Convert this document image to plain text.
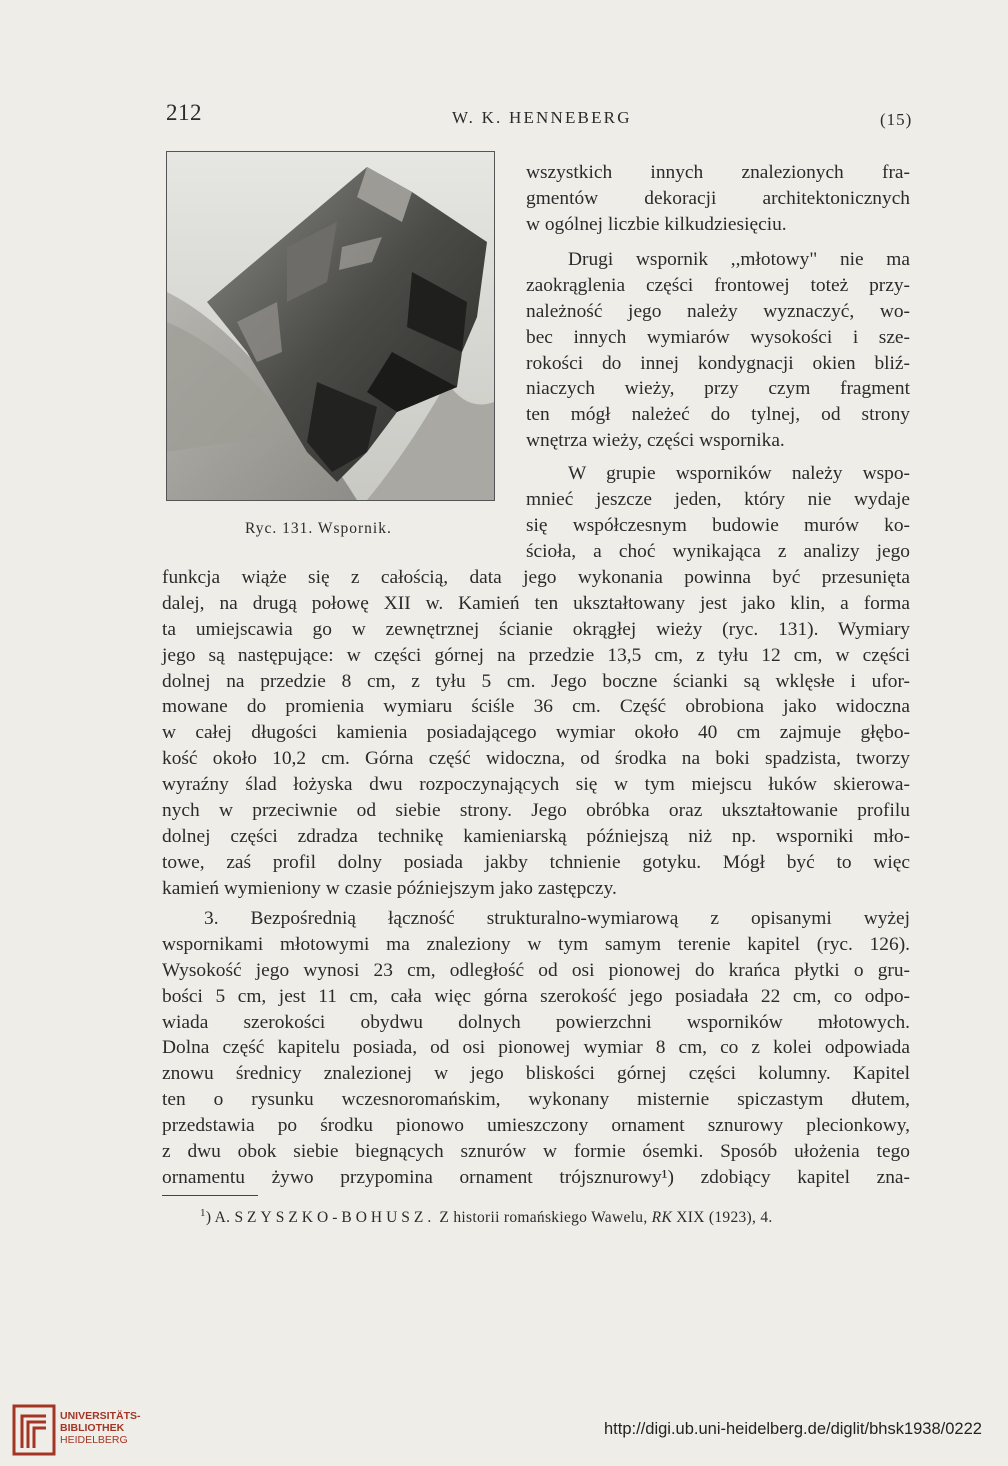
212	W. K. HENNEBERG	(15)
Ryc. 131. Wspornik.
wszystkich innych znalezionych fra-
gmentów dekoracji architektonicznych
w ogólnej liczbie kilkudziesięciu.
Drugi wspornik ,,młotowy" nie ma
zaokrąglenia części frontowej toteż przy-
należność jego należy wyznaczyć, wo-
bec innych wymiarów wysokości i sze-
rokości do innej kondygnacji okien bliź-
niaczych wieży, przy czym fragment
ten mógł należeć do tylnej, od strony
wnętrza wieży, części wspornika.
W grupie wsporników należy wspo-
mnieć jeszcze jeden, który nie wydaje
się współczesnym budowie murów ko-
ścioła, a choć wynikająca z analizy jego
funkcja wiąże się z całością, data jego wykonania powinna być przesunięta
dalej, na drugą połowę XII w. Kamień ten ukształtowany jest jako klin, a forma
ta umiejscawia go w zewnętrznej ścianie okrągłej wieży (ryc. 131). Wymiary
jego są następujące: w części górnej na przedzie 13,5 cm, z tyłu 12 cm, w części
dolnej na przedzie 8 cm, z tyłu 5 cm. Jego boczne ścianki są wklęsłe i ufor-
mowane do promienia wymiaru ściśle 36 cm. Część obrobiona jako widoczna
w całej długości kamienia posiadającego wymiar około 40 cm zajmuje głębo-
kość około 10,2 cm. Górna część widoczna, od środka na boki spadzista, tworzy
wyraźny ślad łożyska dwu rozpoczynających się w tym miejscu łuków skierowa-
nych w przeciwnie od siebie strony. Jego obróbka oraz ukształtowanie profilu
dolnej części zdradza technikę kamieniarską późniejszą niż np. wsporniki mło-
towe, zaś profil dolny posiada jakby tchnienie gotyku. Mógł być to więc
kamień wymieniony w czasie późniejszym jako zastępczy.
3. Bezpośrednią łączność strukturalno-wymiarową z opisanymi wyżej
wspornikami młotowymi ma znaleziony w tym samym terenie kapitel (ryc. 126).
Wysokość jego wynosi 23 cm, odległość od osi pionowej do krańca płytki o gru-
bości 5 cm, jest 11 cm, cała więc górna szerokość jego posiadała 22 cm, co odpo-
wiada szerokości obydwu dolnych powierzchni wsporników młotowych.
Dolna część kapitelu posiada, od osi pionowej wymiar 8 cm, co z kolei odpowiada
znowu średnicy znalezionej w jego bliskości górnej części kolumny. Kapitel
ten o rysunku wczesnoromańskim, wykonany misternie spiczastym dłutem,
przedstawia po środku pionowo umieszczony ornament sznurowy plecionkowy,
z dwu obok siebie biegnących sznurów w formie ósemki. Sposób ułożenia tego
ornamentu żywo przypomina ornament trójsznurowy¹) zdobiący kapitel zna-
$^1$) A. SZYSZKO-BOHUSZ. Z historii romańskiego Wawelu, RK XIX (1923), 4.
UNIVERSITÄTS-
BIBLIOTHEK
HEIDELBERG
http://digi.ub.uni-heidelberg.de/diglit/bhsk1938/0222
